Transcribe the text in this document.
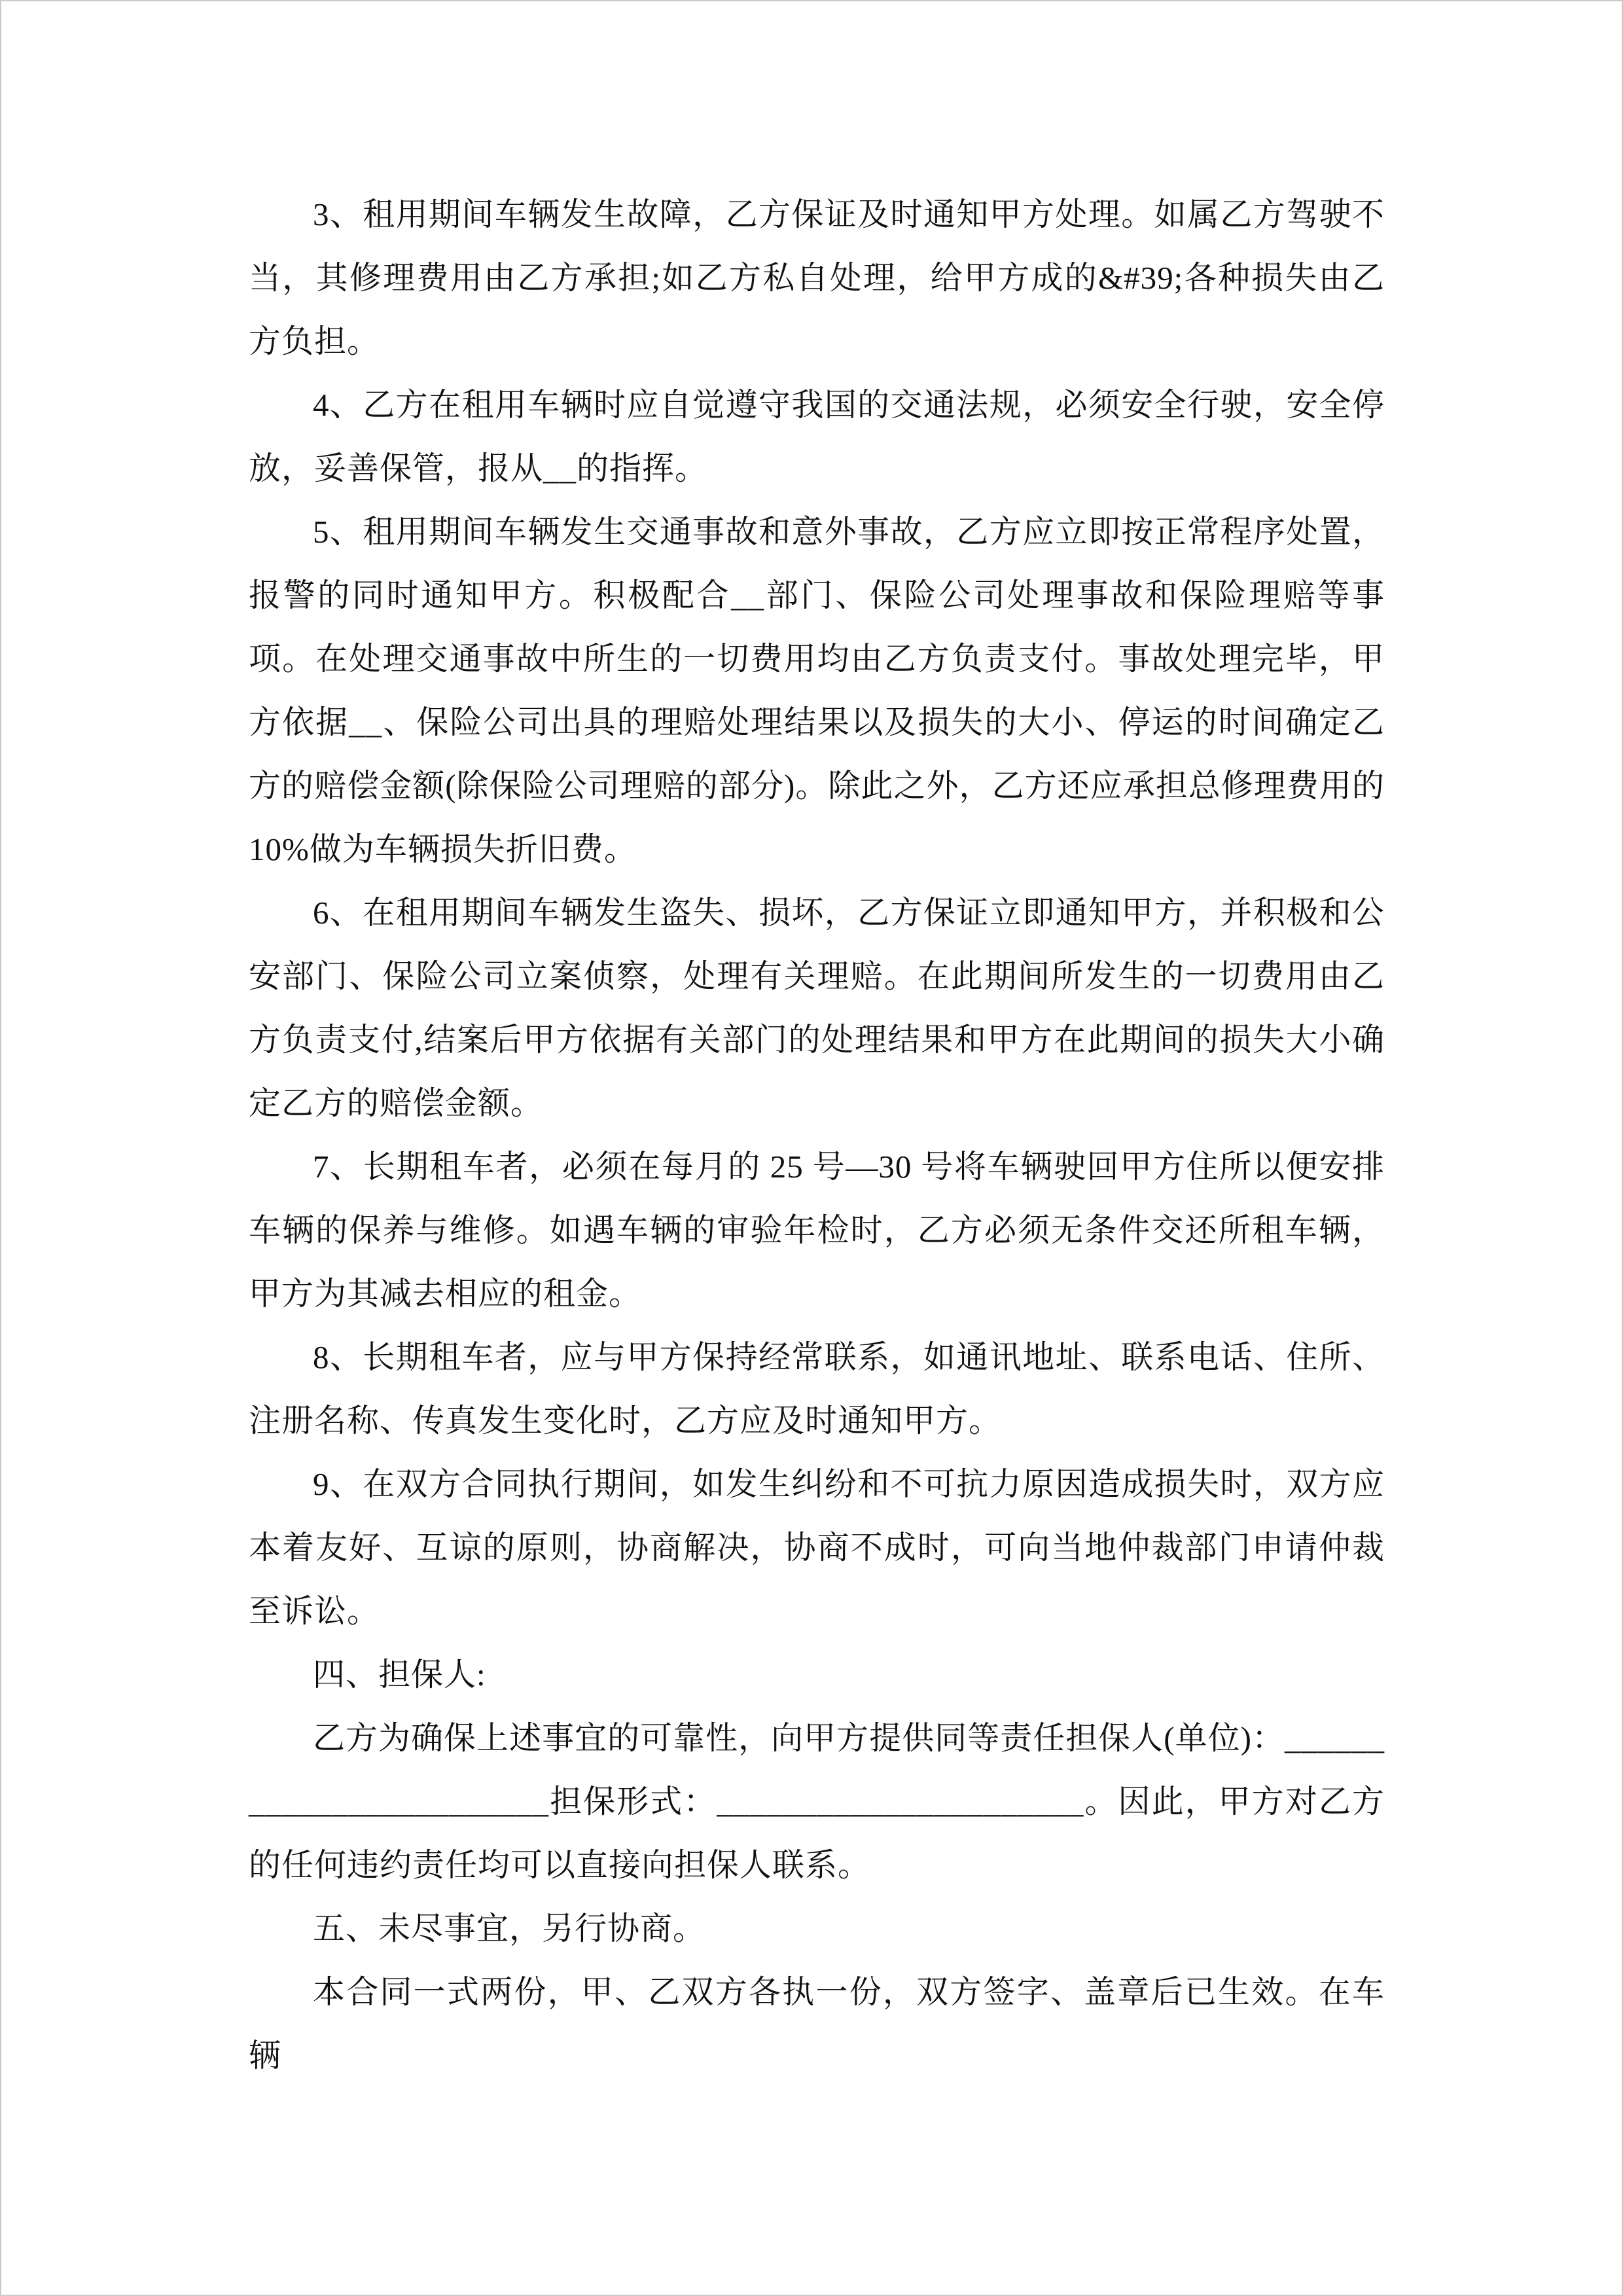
3、租用期间车辆发生故障，乙方保证及时通知甲方处理。如属乙方驾驶不当，其修理费用由乙方承担;如乙方私自处理，给甲方成的&#39;各种损失由乙方负担。

4、乙方在租用车辆时应自觉遵守我国的交通法规，必须安全行驶，安全停放，妥善保管，报从__的指挥。

5、租用期间车辆发生交通事故和意外事故，乙方应立即按正常程序处置，报警的同时通知甲方。积极配合__部门、保险公司处理事故和保险理赔等事项。在处理交通事故中所生的一切费用均由乙方负责支付。事故处理完毕，甲方依据__、保险公司出具的理赔处理结果以及损失的大小、停运的时间确定乙方的赔偿金额(除保险公司理赔的部分)。除此之外，乙方还应承担总修理费用的 10%做为车辆损失折旧费。

6、在租用期间车辆发生盗失、损坏，乙方保证立即通知甲方，并积极和公安部门、保险公司立案侦察，处理有关理赔。在此期间所发生的一切费用由乙方负责支付,结案后甲方依据有关部门的处理结果和甲方在此期间的损失大小确定乙方的赔偿金额。

7、长期租车者，必须在每月的 25 号—30 号将车辆驶回甲方住所以便安排车辆的保养与维修。如遇车辆的审验年检时，乙方必须无条件交还所租车辆，甲方为其减去相应的租金。

8、长期租车者，应与甲方保持经常联系，如通讯地址、联系电话、住所、注册名称、传真发生变化时，乙方应及时通知甲方。

9、在双方合同执行期间，如发生纠纷和不可抗力原因造成损失时，双方应本着友好、互谅的原则，协商解决，协商不成时，可向当地仲裁部门申请仲裁至诉讼。

四、担保人:

乙方为确保上述事宜的可靠性，向甲方提供同等责任担保人(单位)：________________________担保形式：______________________。因此，甲方对乙方的任何违约责任均可以直接向担保人联系。

五、未尽事宜，另行协商。

本合同一式两份，甲、乙双方各执一份，双方签字、盖章后已生效。在车辆
